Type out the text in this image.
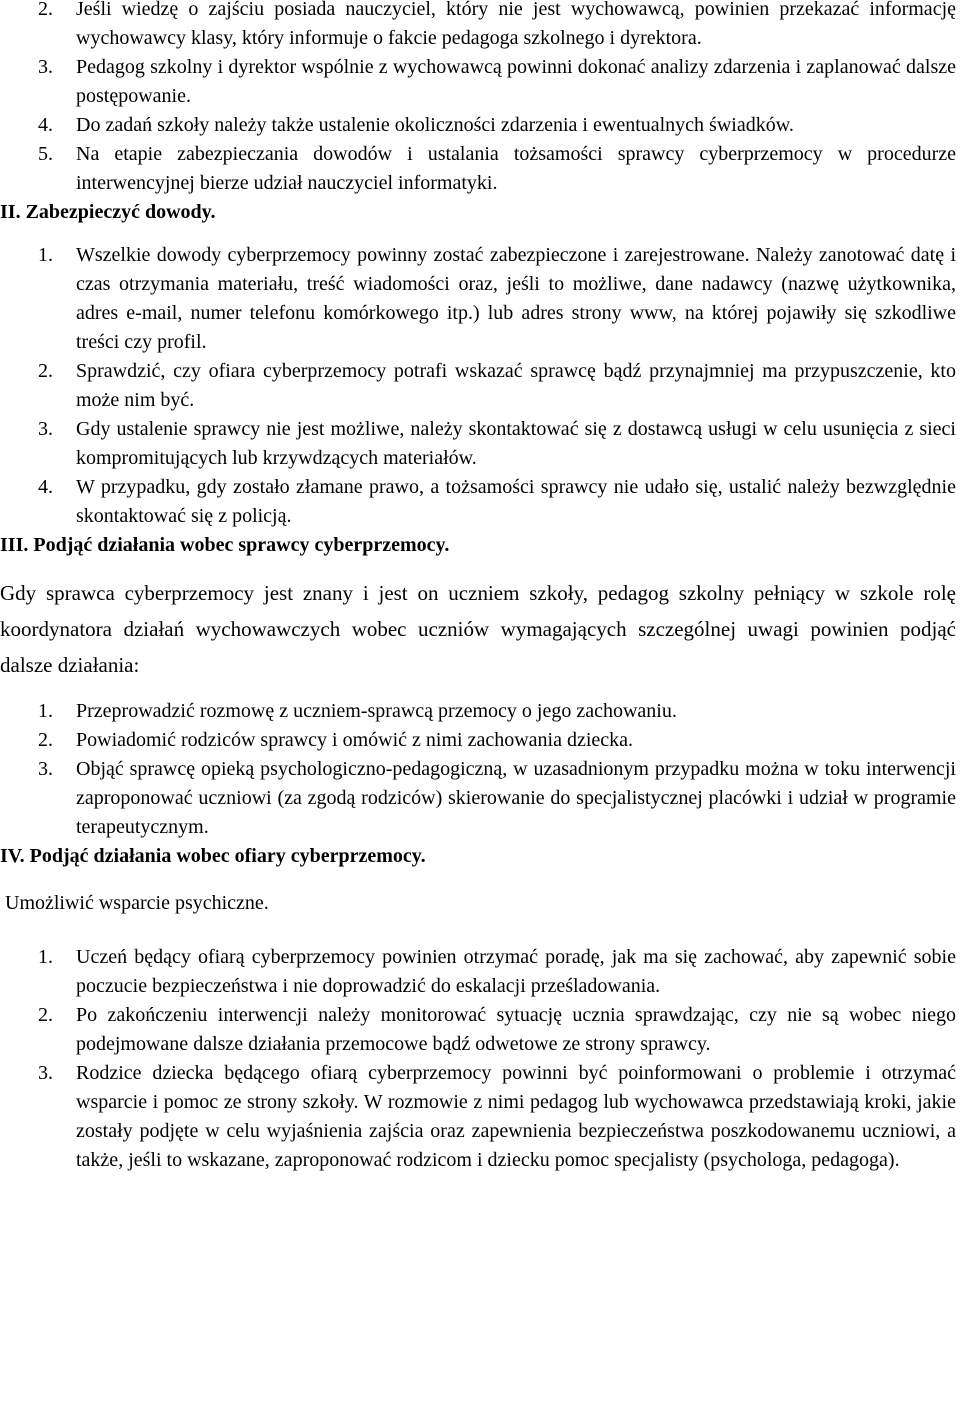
2. Jeśli wiedzę o zajściu posiada nauczyciel, który nie jest wychowawcą, powinien przekazać informację wychowawcy klasy, który informuje o fakcie pedagoga szkolnego i dyrektora.
3. Pedagog szkolny i dyrektor wspólnie z wychowawcą powinni dokonać analizy zdarzenia i zaplanować dalsze postępowanie.
4. Do zadań szkoły należy także ustalenie okoliczności zdarzenia i ewentualnych świadków.
5. Na etapie zabezpieczania dowodów i ustalania tożsamości sprawcy cyberprzemocy w procedurze interwencyjnej bierze udział nauczyciel informatyki.
II. Zabezpieczyć dowody.
1. Wszelkie dowody cyberprzemocy powinny zostać zabezpieczone i zarejestrowane. Należy zanotować datę i czas otrzymania materiału, treść wiadomości oraz, jeśli to możliwe, dane nadawcy (nazwę użytkownika, adres e-mail, numer telefonu komórkowego itp.) lub adres strony www, na której pojawiły się szkodliwe treści czy profil.
2. Sprawdzić, czy ofiara cyberprzemocy potrafi wskazać sprawcę bądź przynajmniej ma przypuszczenie, kto może nim być.
3. Gdy ustalenie sprawcy nie jest możliwe, należy skontaktować się z dostawcą usługi w celu usunięcia z sieci kompromitujących lub krzywdzących materiałów.
4. W przypadku, gdy zostało złamane prawo, a tożsamości sprawcy nie udało się, ustalić należy bezwzględnie skontaktować się z policją.
III. Podjąć działania wobec sprawcy cyberprzemocy.

Gdy sprawca cyberprzemocy jest znany i jest on uczniem szkoły, pedagog szkolny pełniący w szkole rolę koordynatora działań wychowawczych wobec uczniów wymagających szczególnej uwagi powinien podjąć dalsze działania:

1. Przeprowadzić rozmowę z uczniem-sprawcą przemocy o jego zachowaniu.
2. Powiadomić rodziców sprawcy i omówić z nimi zachowania dziecka.
3. Objąć sprawcę opieką psychologiczno-pedagogiczną, w uzasadnionym przypadku można w toku interwencji zaproponować uczniowi (za zgodą rodziców) skierowanie do specjalistycznej placówki i udział w programie terapeutycznym.
IV. Podjąć działania wobec ofiary cyberprzemocy.

Umożliwić wsparcie psychiczne.

1. Uczeń będący ofiarą cyberprzemocy powinien otrzymać poradę, jak ma się zachować, aby zapewnić sobie poczucie bezpieczeństwa i nie doprowadzić do eskalacji prześladowania.
2. Po zakończeniu interwencji należy monitorować sytuację ucznia sprawdzając, czy nie są wobec niego podejmowane dalsze działania przemocowe bądź odwetowe ze strony sprawcy.
3. Rodzice dziecka będącego ofiarą cyberprzemocy powinni być poinformowani o problemie i otrzymać wsparcie i pomoc ze strony szkoły. W rozmowie z nimi pedagog lub wychowawca przedstawiają kroki, jakie zostały podjęte w celu wyjaśnienia zajścia oraz zapewnienia bezpieczeństwa poszkodowanemu uczniowi, a także, jeśli to wskazane, zaproponować rodzicom i dziecku pomoc specjalisty (psychologa, pedagoga).
